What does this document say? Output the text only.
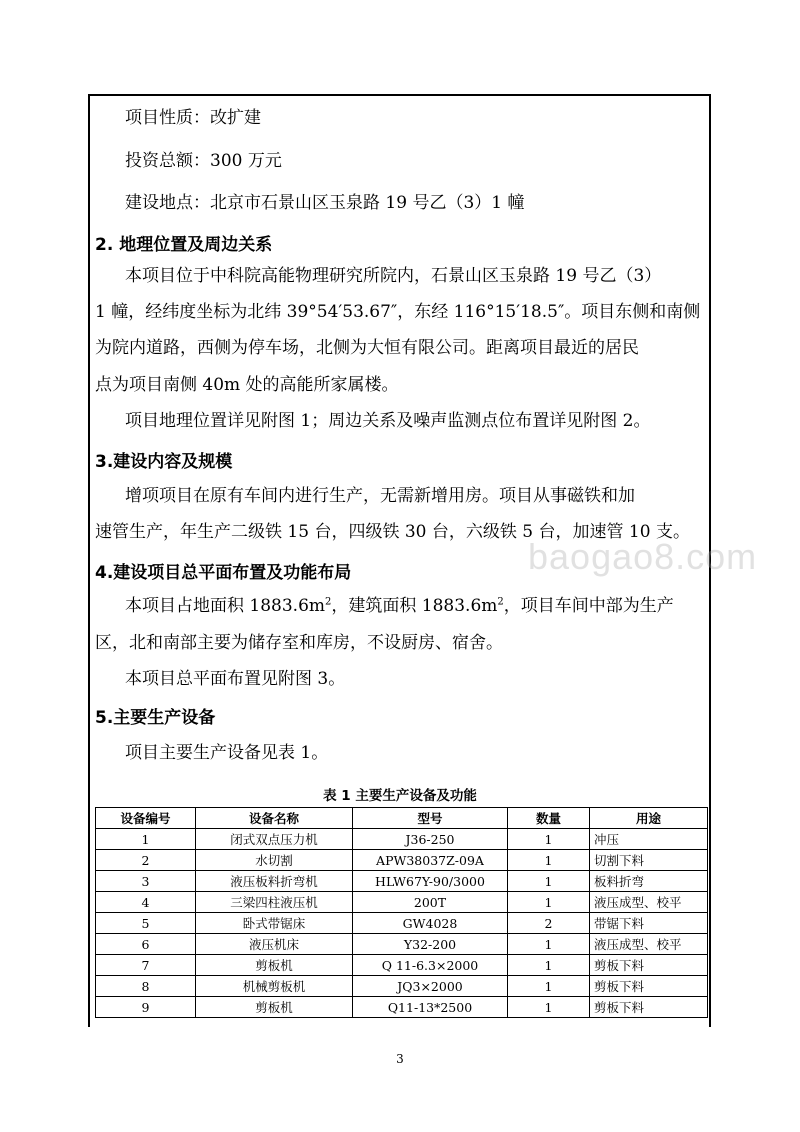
项目性质：改扩建
投资总额：300 万元
建设地点：北京市石景山区玉泉路 19 号乙（3）1 幢
2. 地理位置及周边关系
本项目位于中科院高能物理研究所院内，石景山区玉泉路 19 号乙（3）
1 幢，经纬度坐标为北纬 39°54′53.67″，东经 116°15′18.5″。项目东侧和南侧
为院内道路，西侧为停车场，北侧为大恒有限公司。距离项目最近的居民
点为项目南侧 40m 处的高能所家属楼。
项目地理位置详见附图 1；周边关系及噪声监测点位布置详见附图 2。
3.建设内容及规模
增项项目在原有车间内进行生产，无需新增用房。项目从事磁铁和加
速管生产，年生产二级铁 15 台，四级铁 30 台，六级铁 5 台，加速管 10 支。
4.建设项目总平面布置及功能布局
本项目占地面积 $1883.6m^2$，建筑面积 $1883.6m^2$，项目车间中部为生产
区，北和南部主要为储存室和库房，不设厨房、宿舍。
本项目总平面布置见附图 3。
5.主要生产设备
项目主要生产设备见表 1。
baogao8.com
表 1 主要生产设备及功能
设备编号	设备名称	型号	数量	用途
1	闭式双点压力机	J36-250	1	冲压
2	水切割	APW38037Z-09A	1	切割下料
3	液压板料折弯机	HLW67Y-90/3000	1	板料折弯
4	三梁四柱液压机	200T	1	液压成型、校平
5	卧式带锯床	GW4028	2	带锯下料
6	液压机床	Y32-200	1	液压成型、校平
7	剪板机	Q 11-6.3×2000	1	剪板下料
8	机械剪板机	JQ3×2000	1	剪板下料
9	剪板机	Q11-13*2500	1	剪板下料
3
